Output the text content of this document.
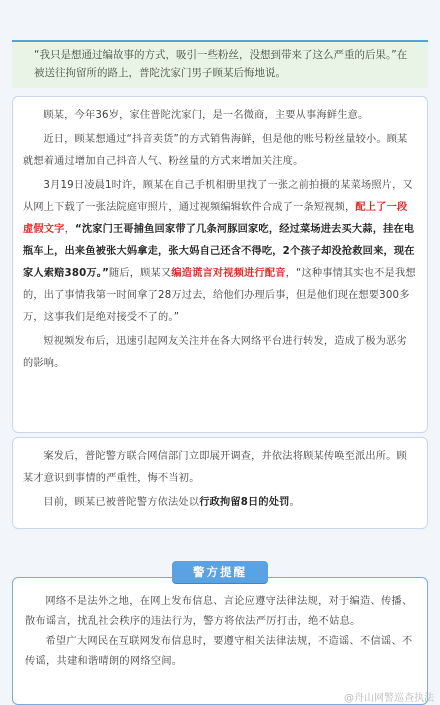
“我只是想通过编故事的方式，吸引一些粉丝，没想到带来了这么严重的后果。”在被送往拘留所的路上，普陀沈家门男子顾某后悔地说。

顾某，今年36岁，家住普陀沈家门，是一名微商，主要从事海鲜生意。

近日，顾某想通过“抖音卖货”的方式销售海鲜，但是他的账号粉丝量较小。顾某就想着通过增加自己抖音人气、粉丝量的方式来增加关注度。

3月19日凌晨1时许，顾某在自己手机相册里找了一张之前拍摄的某菜场照片，又从网上下载了一张法院庭审照片，通过视频编辑软件合成了一条短视频，配上了一段虚假文字，“沈家门王哥捕鱼回家带了几条河豚回家吃，经过菜场进去买大蒜，挂在电瓶车上，出来鱼被张大妈拿走，张大妈自己还含不得吃，2个孩子却没抢救回来，现在家人索赔380万。”随后，顾某又编造谎言对视频进行配音，“这种事情其实也不是我想的，出了事情我第一时间拿了28万过去，给他们办理后事，但是他们现在想要300多万，这事我们是绝对接受不了的。”

短视频发布后，迅速引起网友关注并在各大网络平台进行转发，造成了极为恶劣的影响。

案发后，普陀警方联合网信部门立即展开调查，并依法将顾某传唤至派出所。顾某才意识到事情的严重性，悔不当初。

目前，顾某已被普陀警方依法处以行政拘留8日的处罚。

网络不是法外之地，在网上发布信息、言论应遵守法律法规，对于编造、传播、散布谣言，扰乱社会秩序的违法行为，警方将依法严厉打击，绝不姑息。

希望广大网民在互联网发布信息时，要遵守相关法律法规，不造谣、不信谣、不传谣，共建和谐晴朗的网络空间。

警方提醒
@舟山网警巡查执法
